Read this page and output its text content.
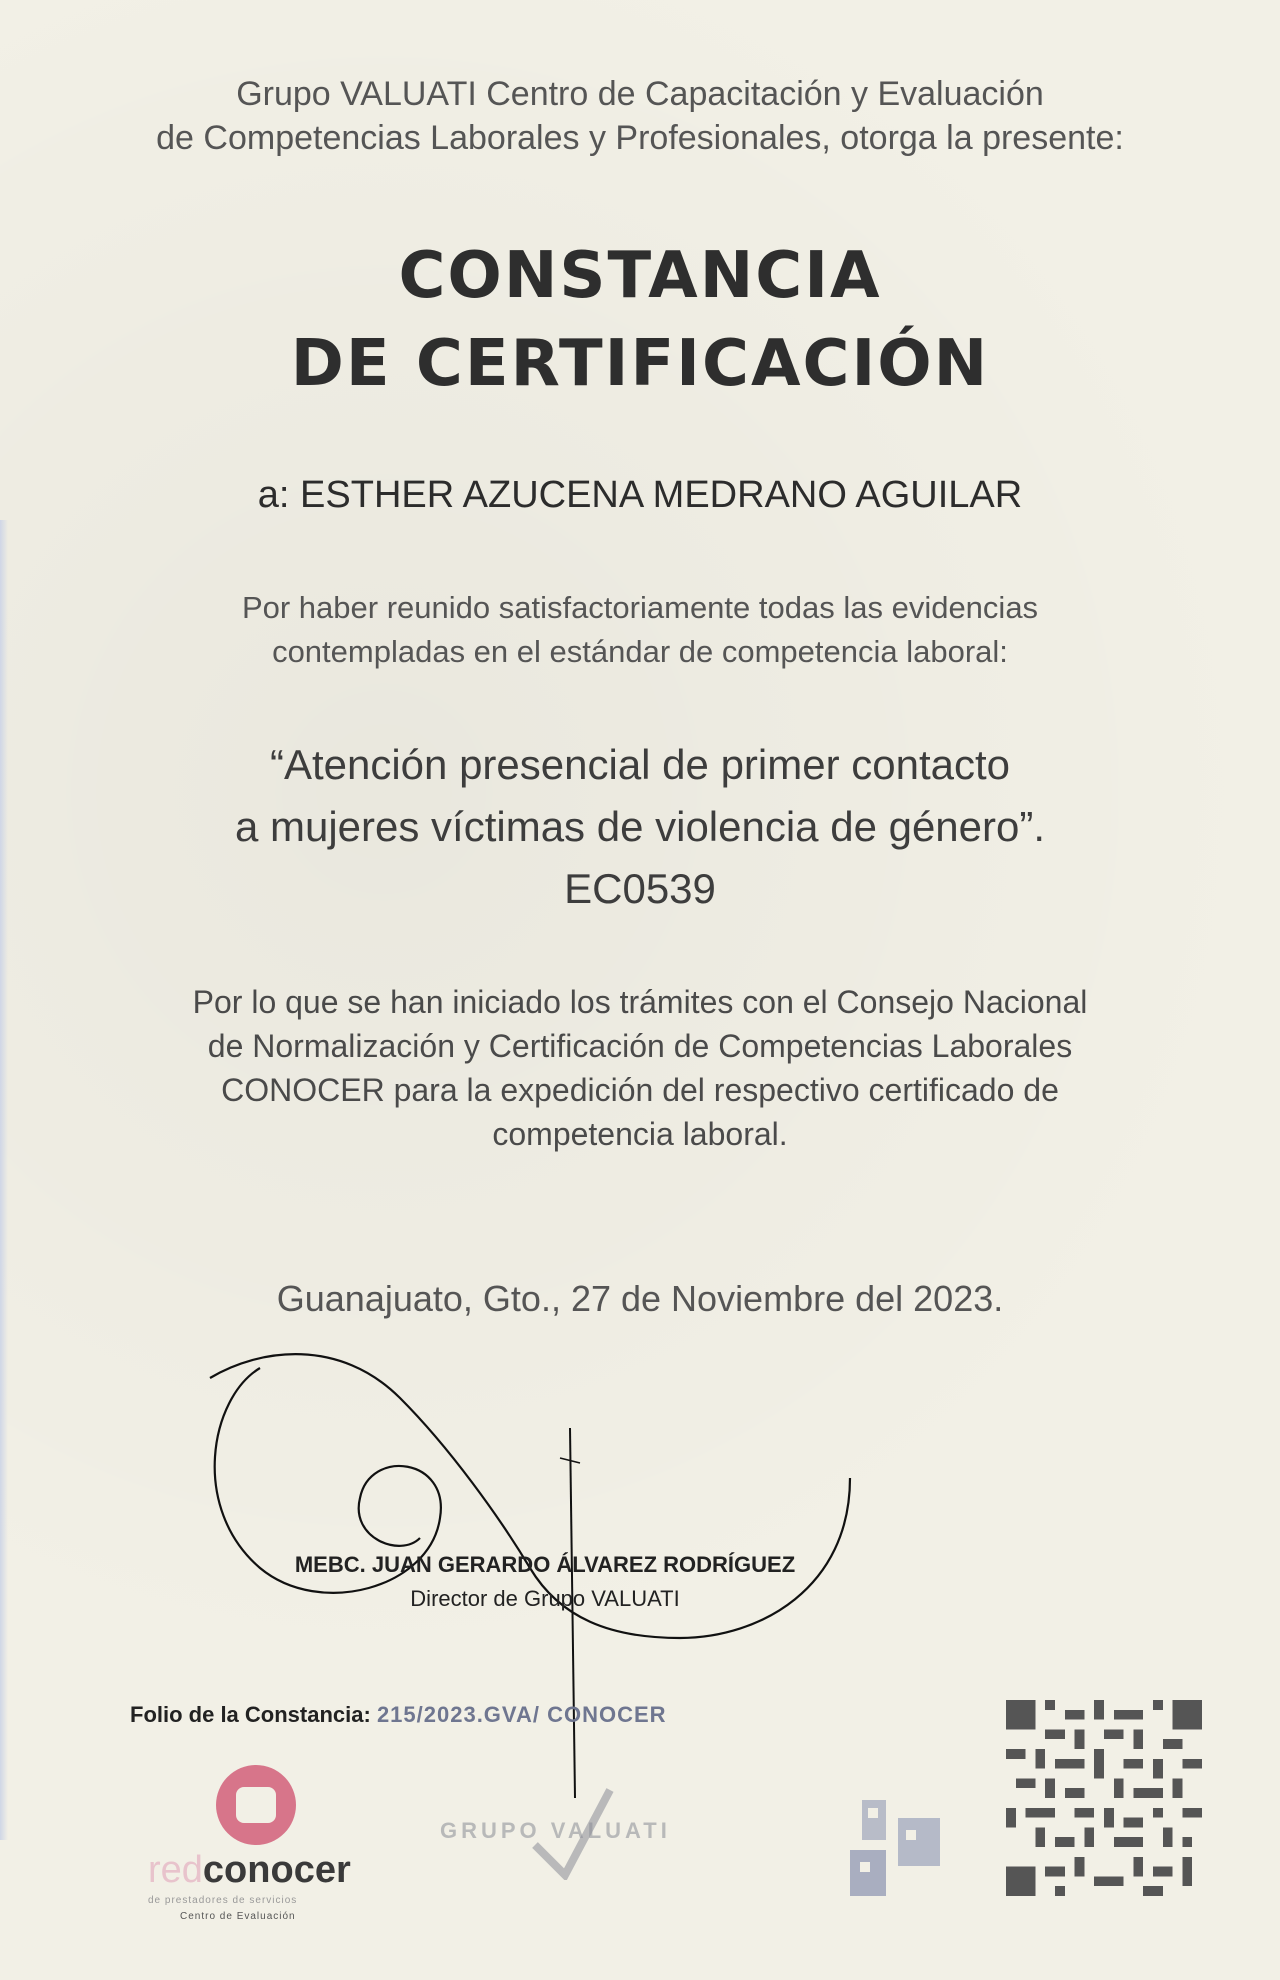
Grupo VALUATI Centro de Capacitación y Evaluación
de Competencias Laborales y Profesionales, otorga la presente:
CONSTANCIA
DE CERTIFICACIÓN
a: ESTHER AZUCENA MEDRANO AGUILAR
Por haber reunido satisfactoriamente todas las evidencias
contempladas en el estándar de competencia laboral:
“Atención presencial de primer contacto
a mujeres víctimas de violencia de género”.
EC0539
Por lo que se han iniciado los trámites con el Consejo Nacional
de Normalización y Certificación de Competencias Laborales
CONOCER para la expedición del respectivo certificado de
competencia laboral.
Guanajuato, Gto., 27 de Noviembre del 2023.
MEBC. JUAN GERARDO ÁLVAREZ RODRÍGUEZ
Director de Grupo VALUATI
Folio de la Constancia: 215/2023.GVA/ CONOCER
redconocer
de prestadores de servicios
Centro de Evaluación
GRUPO VALUATI
